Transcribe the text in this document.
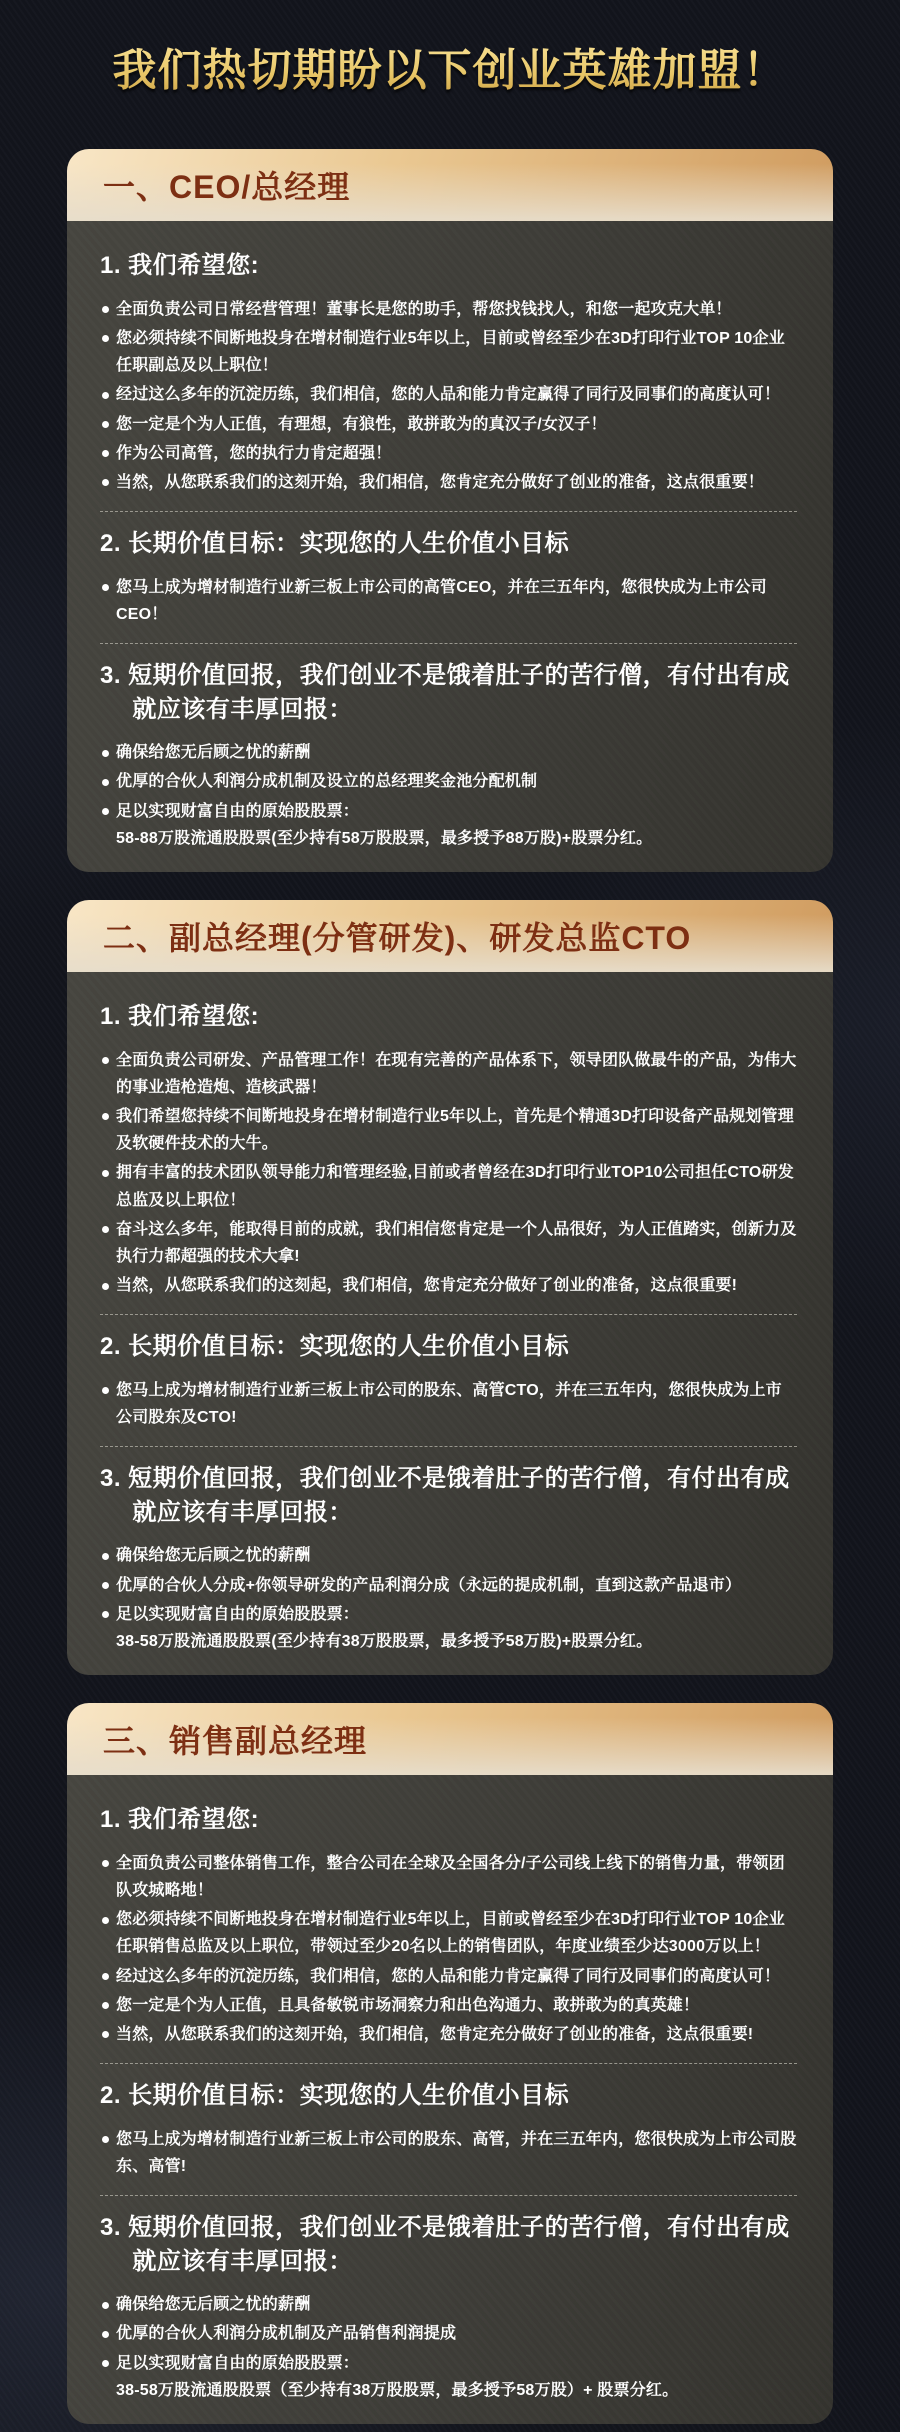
我们热切期盼以下创业英雄加盟！
一、CEO/总经理
1. 我们希望您:
全面负责公司日常经营管理！董事长是您的助手，帮您找钱找人，和您一起攻克大单！
您必须持续不间断地投身在增材制造行业5年以上，目前或曾经至少在3D打印行业TOP 10企业任职副总及以上职位！
经过这么多年的沉淀历练，我们相信，您的人品和能力肯定赢得了同行及同事们的高度认可！
您一定是个为人正值，有理想，有狼性，敢拼敢为的真汉子/女汉子！
作为公司高管，您的执行力肯定超强！
当然，从您联系我们的这刻开始，我们相信，您肯定充分做好了创业的准备，这点很重要！
2. 长期价值目标：实现您的人生价值小目标
您马上成为增材制造行业新三板上市公司的高管CEO，并在三五年内，您很快成为上市公司CEO！
3. 短期价值回报，我们创业不是饿着肚子的苦行僧，有付出有成就应该有丰厚回报：
确保给您无后顾之忧的薪酬
优厚的合伙人利润分成机制及设立的总经理奖金池分配机制
足以实现财富自由的原始股股票：
58-88万股流通股股票(至少持有58万股股票，最多授予88万股)+股票分红。
二、副总经理(分管研发)、研发总监CTO
1. 我们希望您:
全面负责公司研发、产品管理工作！在现有完善的产品体系下，领导团队做最牛的产品，为伟大的事业造枪造炮、造核武器！
我们希望您持续不间断地投身在增材制造行业5年以上，首先是个精通3D打印设备产品规划管理及软硬件技术的大牛。
拥有丰富的技术团队领导能力和管理经验,目前或者曾经在3D打印行业TOP10公司担任CTO研发总监及以上职位！
奋斗这么多年，能取得目前的成就，我们相信您肯定是一个人品很好，为人正值踏实，创新力及执行力都超强的技术大拿!
当然，从您联系我们的这刻起，我们相信，您肯定充分做好了创业的准备，这点很重要!
2. 长期价值目标：实现您的人生价值小目标
您马上成为增材制造行业新三板上市公司的股东、高管CTO，并在三五年内，您很快成为上市公司股东及CTO!
3. 短期价值回报，我们创业不是饿着肚子的苦行僧，有付出有成就应该有丰厚回报：
确保给您无后顾之忧的薪酬
优厚的合伙人分成+你领导研发的产品利润分成（永远的提成机制，直到这款产品退市）
足以实现财富自由的原始股股票：
38-58万股流通股股票(至少持有38万股股票，最多授予58万股)+股票分红。
三、销售副总经理
1. 我们希望您:
全面负责公司整体销售工作，整合公司在全球及全国各分/子公司线上线下的销售力量，带领团队攻城略地！
您必须持续不间断地投身在增材制造行业5年以上，目前或曾经至少在3D打印行业TOP 10企业任职销售总监及以上职位，带领过至少20名以上的销售团队，年度业绩至少达3000万以上！
经过这么多年的沉淀历练，我们相信，您的人品和能力肯定赢得了同行及同事们的高度认可！
您一定是个为人正值，且具备敏锐市场洞察力和出色沟通力、敢拼敢为的真英雄！
当然，从您联系我们的这刻开始，我们相信，您肯定充分做好了创业的准备，这点很重要!
2. 长期价值目标：实现您的人生价值小目标
您马上成为增材制造行业新三板上市公司的股东、高管，并在三五年内，您很快成为上市公司股东、高管!
3. 短期价值回报，我们创业不是饿着肚子的苦行僧，有付出有成就应该有丰厚回报：
确保给您无后顾之忧的薪酬
优厚的合伙人利润分成机制及产品销售利润提成
足以实现财富自由的原始股股票：
38-58万股流通股股票（至少持有38万股股票，最多授予58万股）+ 股票分红。
